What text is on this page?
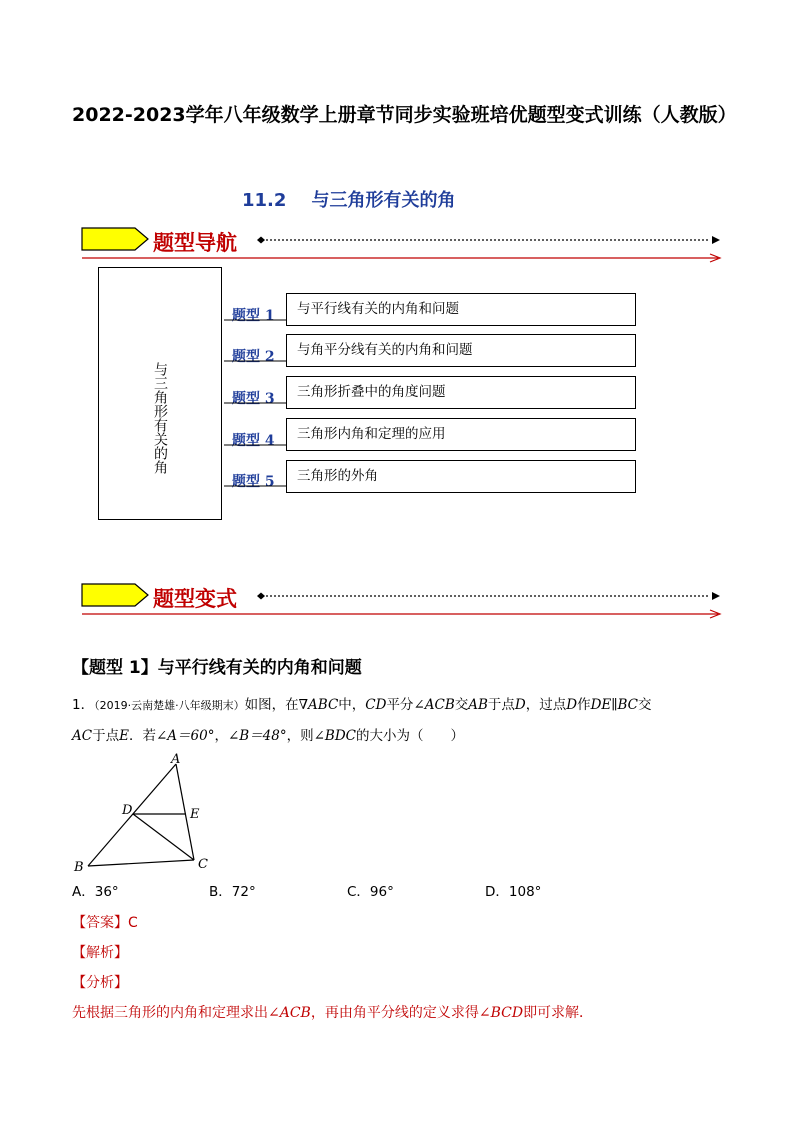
2022-2023学年八年级数学上册章节同步实验班培优题型变式训练（人教版）
11.2 与三角形有关的角
题型导航
与三角形有关的角
题型 1	与平行线有关的内角和问题
题型 2	与角平分线有关的内角和问题
题型 3	三角形折叠中的角度问题
题型 4	三角形内角和定理的应用
题型 5	三角形的外角
题型变式
【题型 1】与平行线有关的内角和问题
1．（2019·云南楚雄·八年级期末）如图，在∇ABC中，CD平分∠ACB交AB于点D，过点D作DE∥BC交
AC于点E．若∠A＝60°，∠B＝48°，则∠BDC的大小为（　　）
A
D	E
B	C
A．36°	B．72°	C．96°	D．108°
【答案】C
【解析】
【分析】
先根据三角形的内角和定理求出∠ACB，再由角平分线的定义求得∠BCD即可求解．
